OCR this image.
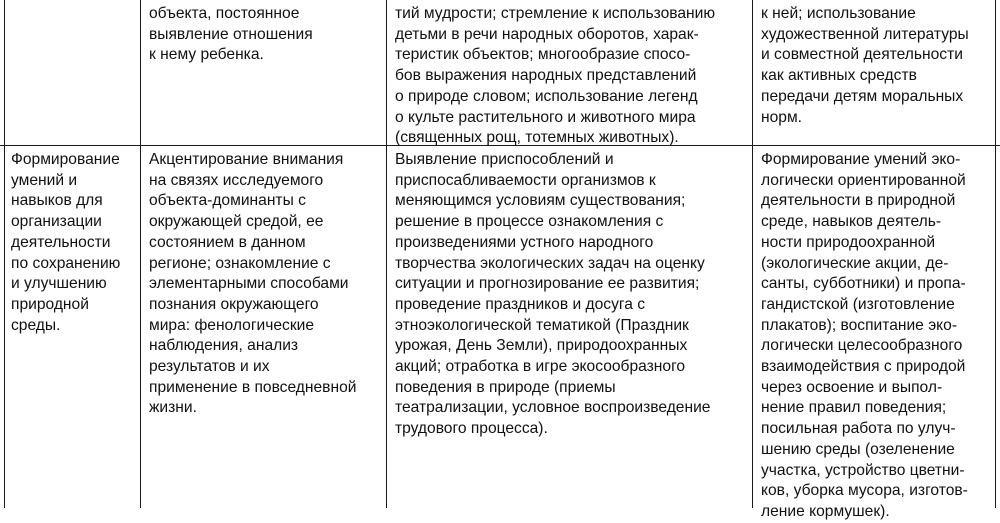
объекта, постоянное
выявление отношения
к нему ребенка.
тий мудрости; стремление к использованию
детьми в речи народных оборотов, харак-
теристик объектов; многообразие спосо-
бов выражения народных представлений
о природе словом; использование легенд
о культе растительного и животного мира
(священных рощ, тотемных животных).
к ней; использование
художественной литературы
и совместной деятельности
как активных средств
передачи детям моральных
норм.
Формирование
умений и
навыков для
организации
деятельности
по сохранению
и улучшению
природной
среды.
Акцентирование внимания
на связях исследуемого
объекта-доминанты с
окружающей средой, ее
состоянием в данном
регионе; ознакомление с
элементарными способами
познания окружающего
мира: фенологические
наблюдения, анализ
результатов и их
применение в повседневной
жизни.
Выявление приспособлений и
приспосабливаемости организмов к
меняющимся условиям существования;
решение в процессе ознакомления с
произведениями устного народного
творчества экологических задач на оценку
ситуации и прогнозирование ее развития;
проведение праздников и досуга с
этноэкологической тематикой (Праздник
урожая, День Земли), природоохранных
акций; отработка в игре экосообразного
поведения в природе (приемы
театрализации, условное воспроизведение
трудового процесса).
Формирование умений эко-
логически ориентированной
деятельности в природной
среде, навыков деятель-
ности природоохранной
(экологические акции, де-
санты, субботники) и пропа-
гандистской (изготовление
плакатов); воспитание эко-
логически целесообразного
взаимодействия с природой
через освоение и выпол-
нение правил поведения;
посильная работа по улуч-
шению среды (озеленение
участка, устройство цветни-
ков, уборка мусора, изготов-
ление кормушек).
